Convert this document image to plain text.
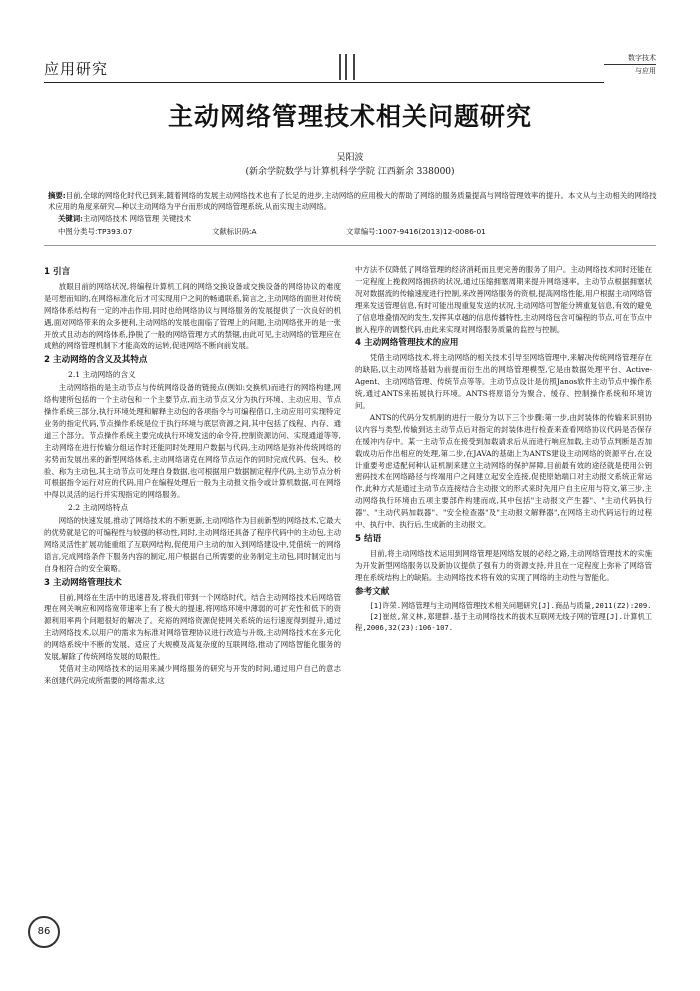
应用研究
数字技术
与应用
主动网络管理技术相关问题研究
吴阳波
(新余学院数学与计算机科学学院 江西新余 338000)
摘要:目前,全球的网络化时代已到来,随着网络的发展主动网络技术也有了长足的进步,主动网络的应用极大的帮助了网络的服务质量提高与网络管理效率的提升。本文从与主动相关的网络技术应用的角度来研究—种以主动网络为平台而形成的网络管理系统,从而实现主动网络。
关键词:主动网络技术 网络管理 关键技术
中图分类号:TP393.07	文献标识码:A	文章编号:1007-9416(2013)12-0086-01
1 引言

放眼目前的网络状况,将编程计算机工间的网络交换设备或交换设备的网络协议的难度是可想而知的,在网络标准化后才可实现用户之间的畅通联系,简言之,主动网络的面世对传统网络体系结构有一定的冲击作用,同时也给网络协议与网络服务的发展提供了一次良好的机遇,面对网络带来的众多便利,主动网络的发展也面临了管理上的问题,主动网络张开的是一张开放式且动态的网络体系,挣脱了一般的网络管理方式的禁锢,由此可见,主动网络的管理应在成熟的网络管理机制下才能高效的运转,促进网络不断向前发展。

2 主动网络的含义及其特点
2.1 主动网络的含义

主动网络指的是主动节点与传统网络设备的链接点(例如:交换机)而进行的网络构建,网络构建所包括的一个主动包和一个主要节点,而主动节点又分为执行环境、主动应用、节点操作系统三部分,执行环境处理和解释主动包的各项指令与可编程借口,主动应用可实现特定业务的指定代码,节点操作系统是位于执行环境与底层资源之间,其中包括了线程、内存、通道三个部分。节点操作系统主要完成执行环境发送的命令符,控制资源访问、实现通道等等,主动网络在进行传输分组运作时还能同时处理用户数据与代码,主动网络是弥补传统网络的劣势而发展出来的新型网络体系,主动网络诸克在网络节点运作的同时完成代码、包头、校验、称为主动包,其主动节点可处理自身数据,也可根据用户数据制定程序代码,主动节点分析可根据指令运行对应的代码,用户在编程处理后一般为主动报文指令或计算机数据,可在网络中得以灵活的运行并实现指定的网络服务。

2.2 主动网络特点

网络的快速发展,推动了网络技术的不断更新,主动网络作为目前新型的网络技术,它最大的优势就是它的可编程性与较强的移动性,同时,主动网络还具备了程序代码中的主动包,主动网络灵活性扩展功能重组了互联网结构,促使用户主动的加入到网络建设中,凭借统一的网络语言,完成网络条件下服务内容的制定,用户根据自己所需要的业务制定主动包,同时制定出与自身相符合的安全策略。

3 主动网络管理技术

目前,网络在生活中的迅速普及,将我们带到一个网络时代。结合主动网络技术后网络管理在网关响应和网络宽带速率上有了极大的提速,将网络环境中薄弱的可扩充性和低下的资源利用率两个问题很好的解决了。充裕的网络资源促使网关系统的运行速度得到提升,通过主动网络技术,以用户的需求为标准对网络管理协议进行改造与升级,主动网络技术在多元化的网络系统中不断的发展、适应了大规模及高复杂度的互联网络,推动了网络智能化服务的发展,解除了传统网络发展的局限性。

凭借对主动网络技术的运用来减少网络服务的研究与开发的时间,通过用户自己的意志来创建代码完成所需要的网络需求,这

中方法不仅降低了网络管理的经济消耗而且更完善的服务了用户。主动网络技术同时还能在一定程度上挽救网络拥挤的状况,通过压缩拥塞周期来提升网络速率。主动节点根据拥塞状况对数据流的传输速度进行控制,来改善网络服务的资根,提高网络性能,用户根据主动网络管理来发送管理信息,有时可能出现重复发送的状况,主动网络可智能分辨重复信息,有效的避免了信息堆叠情况的发生,发挥其卓越的信息传播特性,主动网络包含可编程的节点,可在节点中嵌入程序的调整代码,由此来实现对网络服务质量的监控与控制。

4 主动网络管理技术的应用

凭借主动网络技术,将主动网络的相关技术引导至网络管理中,来解决传统网络管理存在的缺陷,以主动网络基础为前提而衍生出的网络管理模型,它是由数据处理平台、Active-Agent、主动网络管理、传统节点等等。主动节点设计是仿照Janos软件主动节点中操作系统,通过ANTS来拓展执行环境。ANTS将原语分为聚合、缓存、控制操作系统和环境访问。

ANTS的代码分发机制的进行一般分为以下三个步骤:第一步,由封装体的传输来识别协议内容与类型,传输到达主动节点后对指定的封装体进行检查来查看网络协议代码是否保存在缓冲内存中。某一主动节点在接受到加载请求后从而进行响应加载,主动节点判断是否加载成功后作出相应的处理,第二步,在JAVA的基础上为ANTS建设主动网络的资源平台,在设计重要考虑适配何种认证机制来建立主动网络的保护屏障,目前最有效的途径就是使用公钥密码技术在网络路径与终端用户之间建立起安全连接,促使原始端口对主动报文系统正常运作,此种方式是通过主动节点连接结合主动报文的形式来时先用户自主应用与符文,第三步,主动网络执行环境由五项主要部件构建而成,其中包括"主动报文产生器"、"主动代码执行器"、"主动代码加载器"、"安全检查器"及"主动报文解释器",在网络主动代码运行的过程中、执行中、执行后,生成新的主动报文。

5 结语

目前,将主动网络技术运用到网络管理是网络发展的必经之路,主动网络管理技术的实施为开发新型网络服务以及新协议提供了强有力的资源支持,并且在一定程度上弥补了网络管理在系统结构上的缺陷。主动网络技术将有效的实现了网络的主动性与智能化。

参考文献

[1]许荣.网络管理与主动网络管理技术相关问题研究[J].商品与质量,2011(Z2):209.

[2]崔炫,常义林,郑建群.基于主动网络技术的拔术互联网无线子网的管理[J].计算机工程,2006,32(23):106-107.

86
